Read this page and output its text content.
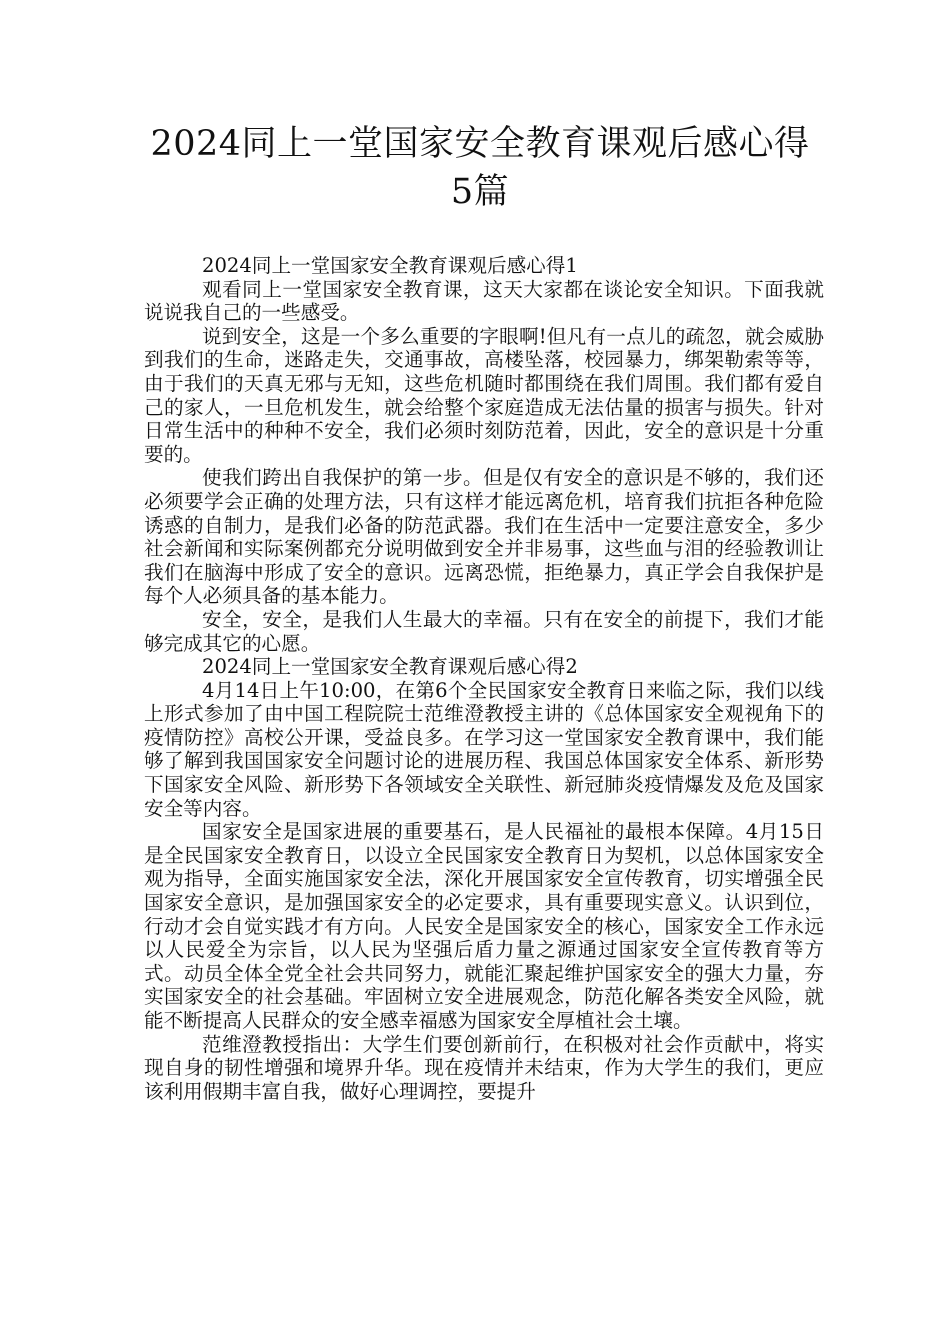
2024同上一堂国家安全教育课观后感心得
5篇

2024同上一堂国家安全教育课观后感心得1

观看同上一堂国家安全教育课，这天大家都在谈论安全知识。下面我就说说我自己的一些感受。

说到安全，这是一个多么重要的字眼啊!但凡有一点儿的疏忽，就会威胁到我们的生命，迷路走失，交通事故，高楼坠落，校园暴力，绑架勒索等等，由于我们的天真无邪与无知，这些危机随时都围绕在我们周围。我们都有爱自己的家人，一旦危机发生，就会给整个家庭造成无法估量的损害与损失。针对日常生活中的种种不安全，我们必须时刻防范着，因此，安全的意识是十分重要的。

使我们跨出自我保护的第一步。但是仅有安全的意识是不够的，我们还必须要学会正确的处理方法，只有这样才能远离危机，培育我们抗拒各种危险诱惑的自制力，是我们必备的防范武器。我们在生活中一定要注意安全，多少社会新闻和实际案例都充分说明做到安全并非易事，这些血与泪的经验教训让我们在脑海中形成了安全的意识。远离恐慌，拒绝暴力，真正学会自我保护是每个人必须具备的基本能力。

安全，安全，是我们人生最大的幸福。只有在安全的前提下，我们才能够完成其它的心愿。

2024同上一堂国家安全教育课观后感心得2

4月14日上午10:00，在第6个全民国家安全教育日来临之际，我们以线上形式参加了由中国工程院院士范维澄教授主讲的《总体国家安全观视角下的疫情防控》高校公开课，受益良多。在学习这一堂国家安全教育课中，我们能够了解到我国国家安全问题讨论的进展历程、我国总体国家安全体系、新形势下国家安全风险、新形势下各领域安全关联性、新冠肺炎疫情爆发及危及国家安全等内容。

国家安全是国家进展的重要基石，是人民福祉的最根本保障。4月15日是全民国家安全教育日，以设立全民国家安全教育日为契机，以总体国家安全观为指导，全面实施国家安全法，深化开展国家安全宣传教育，切实增强全民国家安全意识，是加强国家安全的必定要求，具有重要现实意义。认识到位，行动才会自觉实践才有方向。人民安全是国家安全的核心，国家安全工作永远以人民爱全为宗旨，以人民为坚强后盾力量之源通过国家安全宣传教育等方式。动员全体全党全社会共同努力，就能汇聚起维护国家安全的强大力量，夯实国家安全的社会基础。牢固树立安全进展观念，防范化解各类安全风险，就能不断提高人民群众的安全感幸福感为国家安全厚植社会土壤。

范维澄教授指出：大学生们要创新前行，在积极对社会作贡献中，将实现自身的韧性增强和境界升华。现在疫情并未结束，作为大学生的我们，更应该利用假期丰富自我，做好心理调控，要提升
